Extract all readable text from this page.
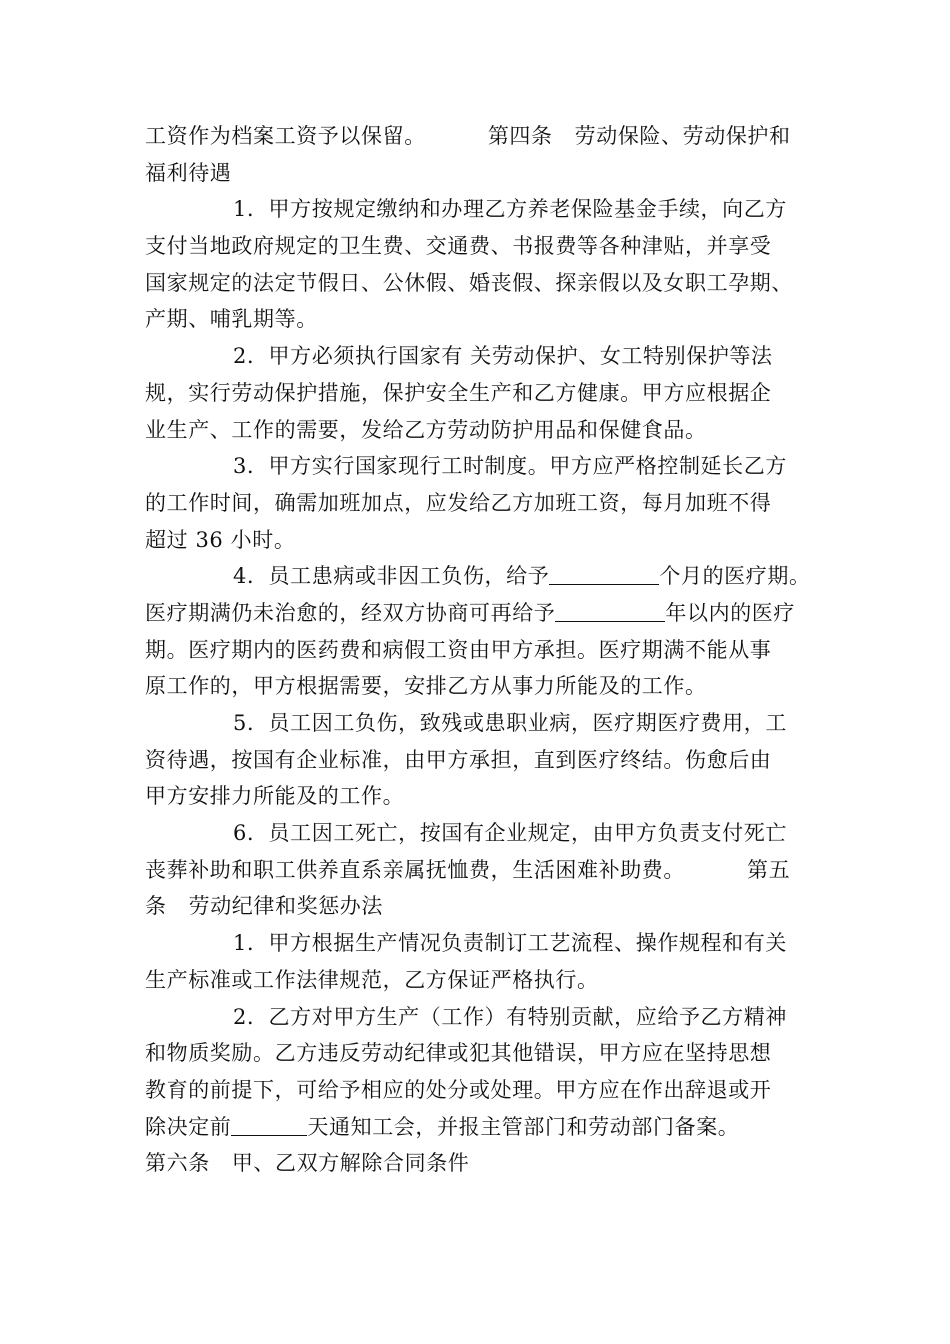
工资作为档案工资予以保留。	第四条 劳动保险、劳动保护和
福利待遇
1．甲方按规定缴纳和办理乙方养老保险基金手续，向乙方
支付当地政府规定的卫生费、交通费、书报费等各种津贴，并享受
国家规定的法定节假日、公休假、婚丧假、探亲假以及女职工孕期、
产期、哺乳期等。
2．甲方必须执行国家有 关劳动保护、女工特别保护等法
规，实行劳动保护措施，保护安全生产和乙方健康。甲方应根据企
业生产、工作的需要，发给乙方劳动防护用品和保健食品。
3．甲方实行国家现行工时制度。甲方应严格控制延长乙方
的工作时间，确需加班加点，应发给乙方加班工资，每月加班不得
超过 36 小时。
4．员工患病或非因工负伤，给予	个月的医疗期。
医疗期满仍未治愈的，经双方协商可再给予	年以内的医疗
期。医疗期内的医药费和病假工资由甲方承担。医疗期满不能从事
原工作的，甲方根据需要，安排乙方从事力所能及的工作。
5．员工因工负伤，致残或患职业病，医疗期医疗费用，工
资待遇，按国有企业标准，由甲方承担，直到医疗终结。伤愈后由
甲方安排力所能及的工作。
6．员工因工死亡，按国有企业规定，由甲方负责支付死亡
丧葬补助和职工供养直系亲属抚恤费，生活困难补助费。	第五
条 劳动纪律和奖惩办法
1．甲方根据生产情况负责制订工艺流程、操作规程和有关
生产标准或工作法律规范，乙方保证严格执行。
2．乙方对甲方生产（工作）有特别贡献，应给予乙方精神
和物质奖励。乙方违反劳动纪律或犯其他错误，甲方应在坚持思想
教育的前提下，可给予相应的处分或处理。甲方应在作出辞退或开
除决定前	天通知工会，并报主管部门和劳动部门备案。
第六条 甲、乙双方解除合同条件
